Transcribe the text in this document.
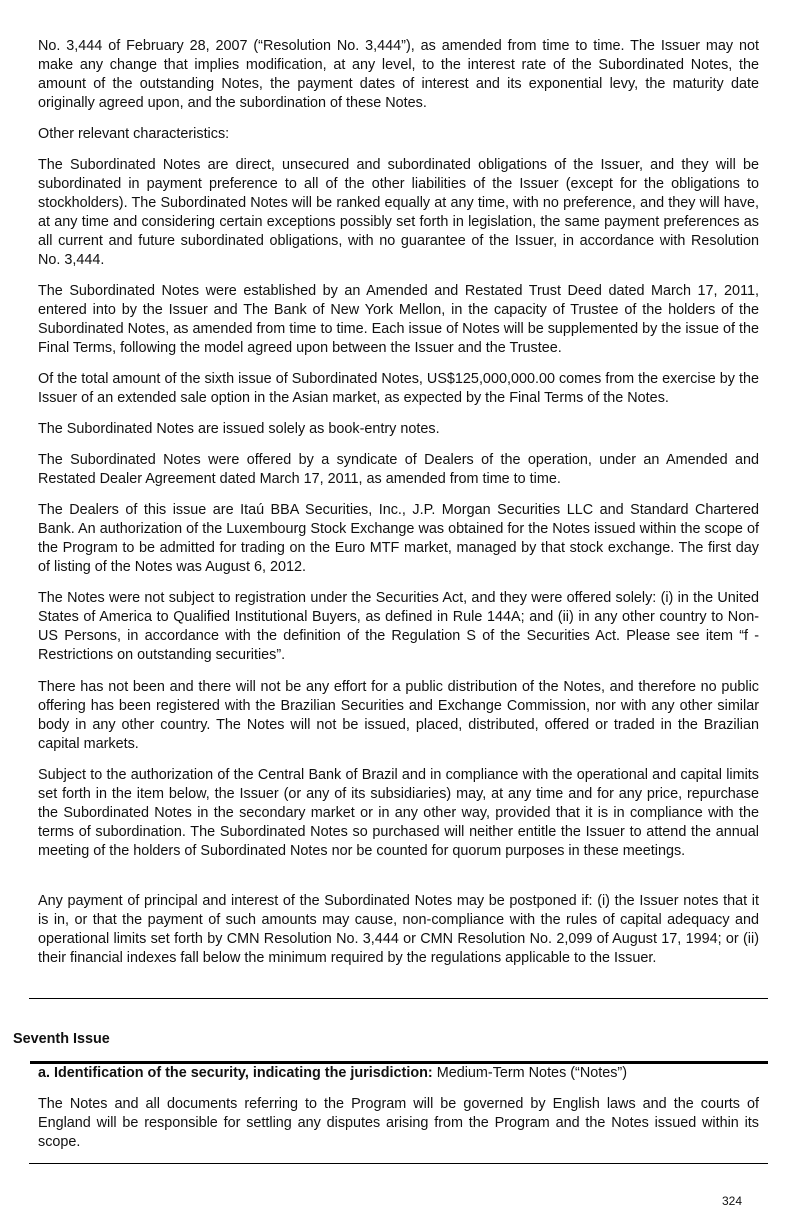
No. 3,444 of February 28, 2007 (“Resolution No. 3,444”), as amended from time to time. The Issuer may not make any change that implies modification, at any level, to the interest rate of the Subordinated Notes, the amount of the outstanding Notes, the payment dates of interest and its exponential levy, the maturity date originally agreed upon, and the subordination of these Notes.

Other relevant characteristics:

The Subordinated Notes are direct, unsecured and subordinated obligations of the Issuer, and they will be subordinated in payment preference to all of the other liabilities of the Issuer (except for the obligations to stockholders). The Subordinated Notes will be ranked equally at any time, with no preference, and they will have, at any time and considering certain exceptions possibly set forth in legislation, the same payment preferences as all current and future subordinated obligations, with no guarantee of the Issuer, in accordance with Resolution No. 3,444.

The Subordinated Notes were established by an Amended and Restated Trust Deed dated March 17, 2011, entered into by the Issuer and The Bank of New York Mellon, in the capacity of Trustee of the holders of the Subordinated Notes, as amended from time to time. Each issue of Notes will be supplemented by the issue of the Final Terms, following the model agreed upon between the Issuer and the Trustee.

Of the total amount of the sixth issue of Subordinated Notes, US$125,000,000.00 comes from the exercise by the Issuer of an extended sale option in the Asian market, as expected by the Final Terms of the Notes.

The Subordinated Notes are issued solely as book-entry notes.

The Subordinated Notes were offered by a syndicate of Dealers of the operation, under an Amended and Restated Dealer Agreement dated March 17, 2011, as amended from time to time.

The Dealers of this issue are Itaú BBA Securities, Inc., J.P. Morgan Securities LLC and Standard Chartered Bank. An authorization of the Luxembourg Stock Exchange was obtained for the Notes issued within the scope of the Program to be admitted for trading on the Euro MTF market, managed by that stock exchange. The first day of listing of the Notes was August 6, 2012.

The Notes were not subject to registration under the Securities Act, and they were offered solely: (i) in the United States of America to Qualified Institutional Buyers, as defined in Rule 144A; and (ii) in any other country to Non-US Persons, in accordance with the definition of the Regulation S of the Securities Act. Please see item “f - Restrictions on outstanding securities”.

There has not been and there will not be any effort for a public distribution of the Notes, and therefore no public offering has been registered with the Brazilian Securities and Exchange Commission, nor with any other similar body in any other country. The Notes will not be issued, placed, distributed, offered or traded in the Brazilian capital markets.

Subject to the authorization of the Central Bank of Brazil and in compliance with the operational and capital limits set forth in the item below, the Issuer (or any of its subsidiaries) may, at any time and for any price, repurchase the Subordinated Notes in the secondary market or in any other way, provided that it is in compliance with the terms of subordination. The Subordinated Notes so purchased will neither entitle the Issuer to attend the annual meeting of the holders of Subordinated Notes nor be counted for quorum purposes in these meetings.

Any payment of principal and interest of the Subordinated Notes may be postponed if: (i) the Issuer notes that it is in, or that the payment of such amounts may cause, non-compliance with the rules of capital adequacy and operational limits set forth by CMN Resolution No. 3,444 or CMN Resolution No. 2,099 of August 17, 1994; or (ii) their financial indexes fall below the minimum required by the regulations applicable to the Issuer.

Seventh Issue

a. Identification of the security, indicating the jurisdiction: Medium-Term Notes (“Notes”)

The Notes and all documents referring to the Program will be governed by English laws and the courts of England will be responsible for settling any disputes arising from the Program and the Notes issued within its scope.

324
